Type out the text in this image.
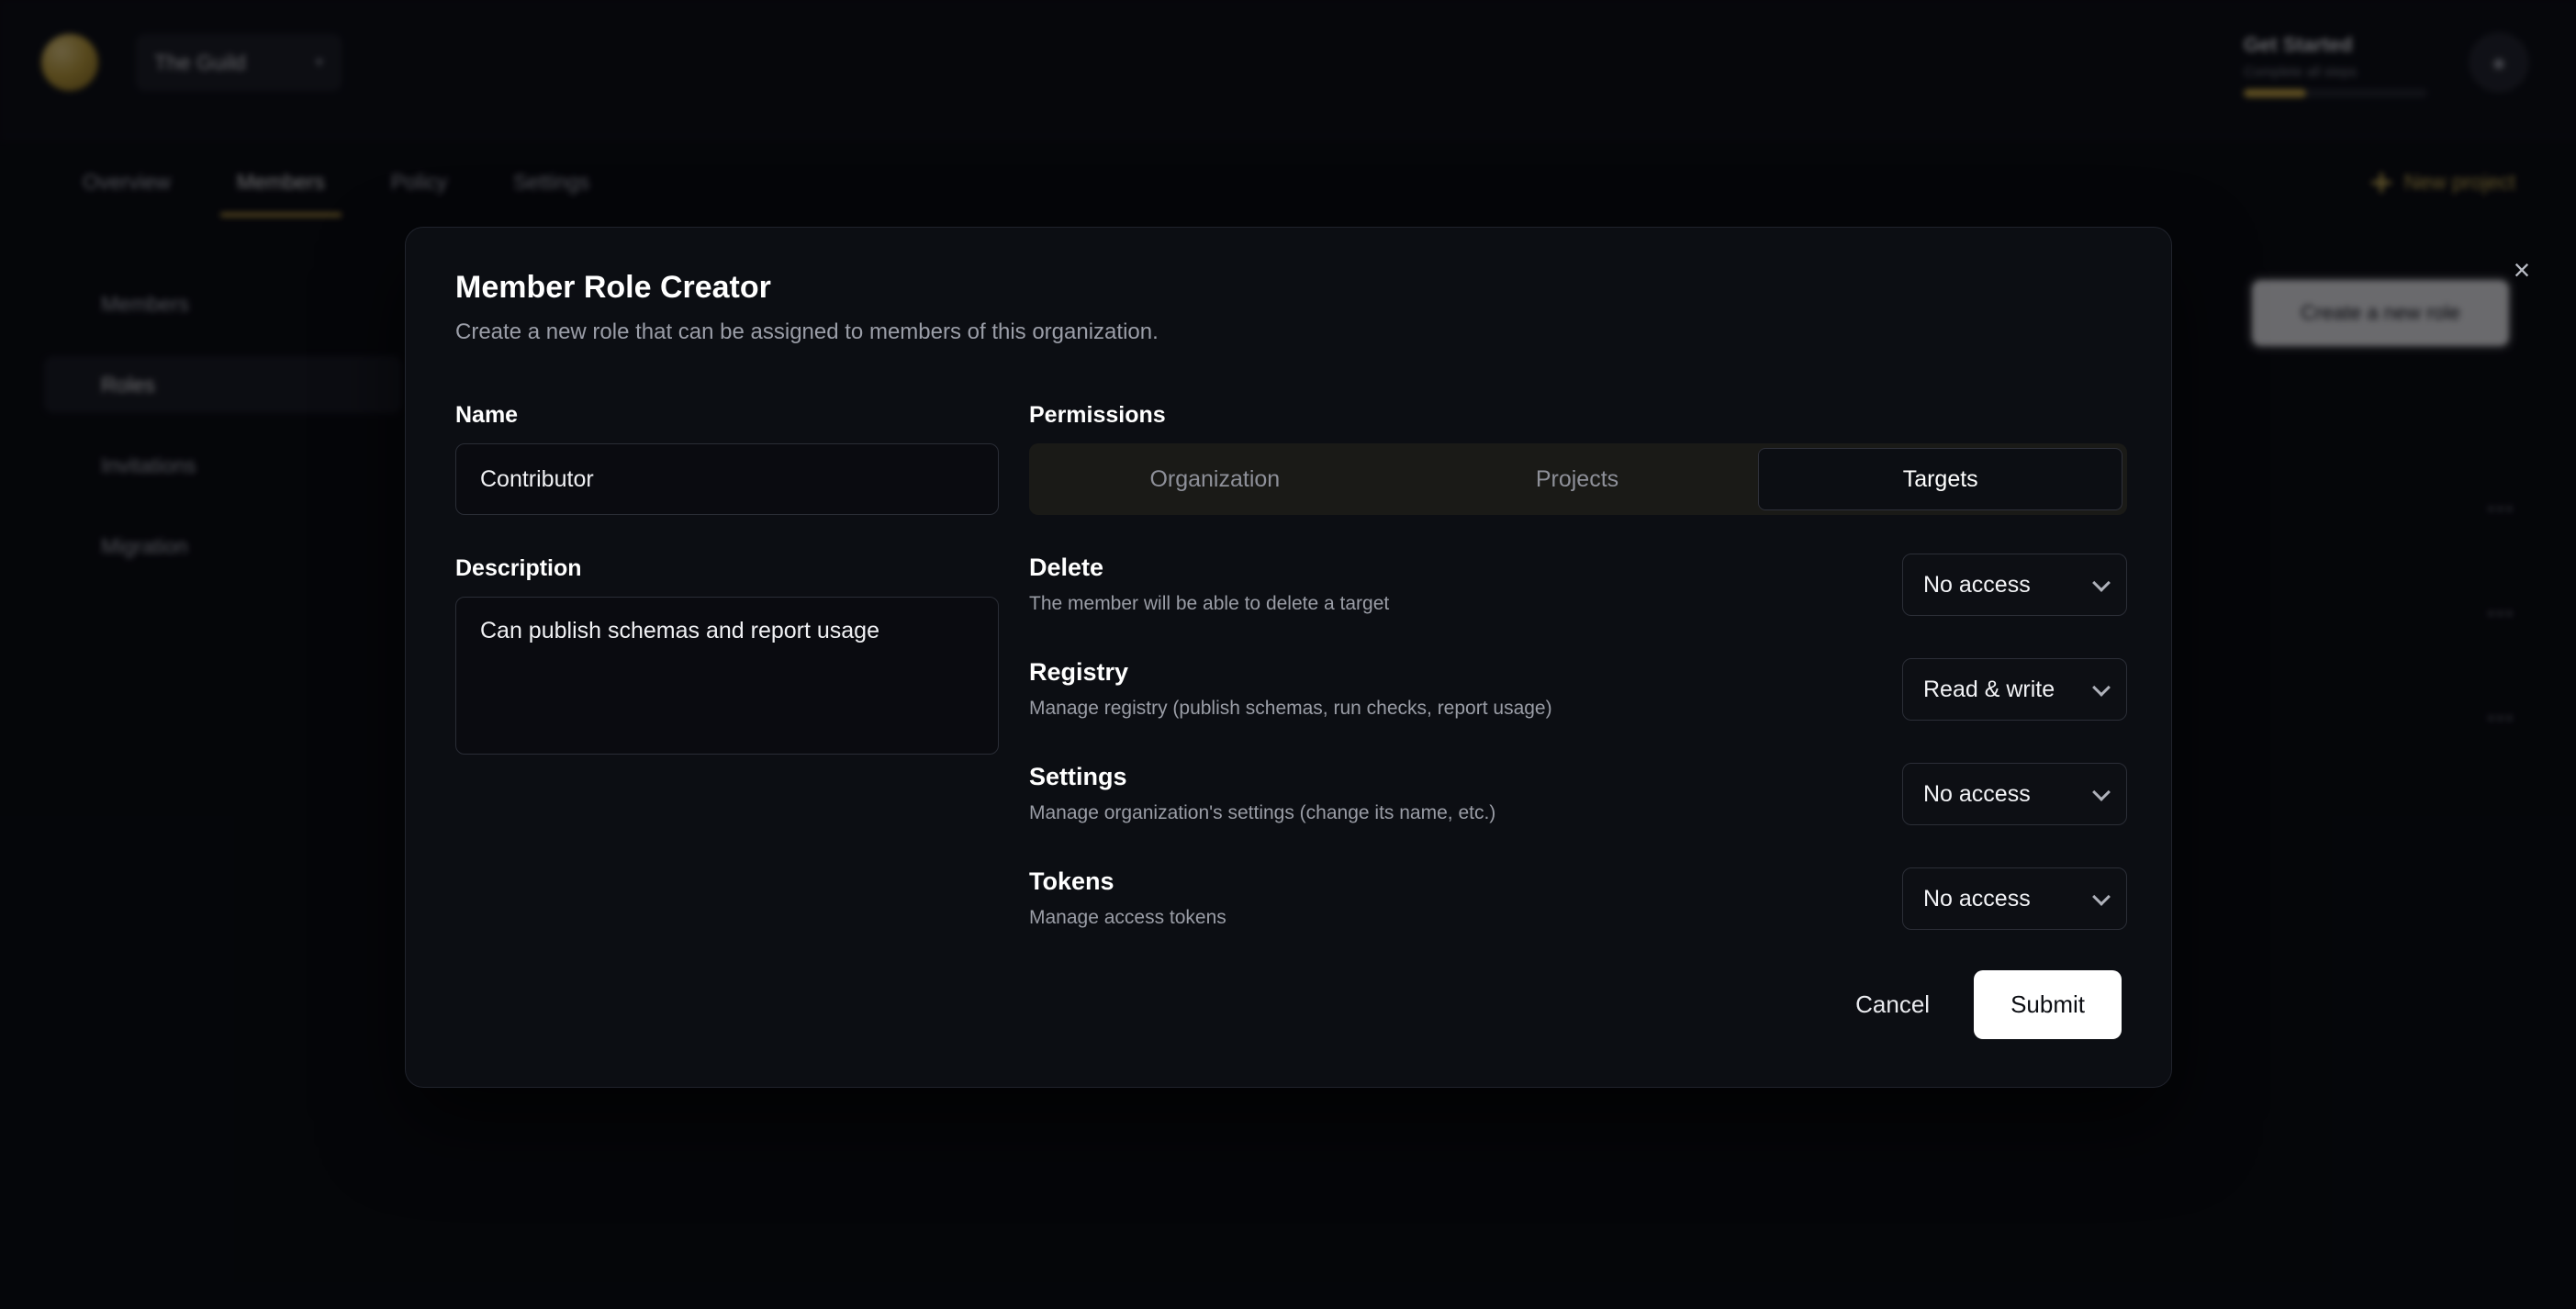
Member Role Creator
Create a new role that can be assigned to members of this organization.
Name
Contributor
Description
Can publish schemas and report usage
Permissions
Organization	Projects	Targets
Delete
The member will be able to delete a target
No access
Registry
Manage registry (publish schemas, run checks, report usage)
Read & write
Settings
Manage organization's settings (change its name, etc.)
No access
Tokens
Manage access tokens
No access
Cancel	Submit
×
